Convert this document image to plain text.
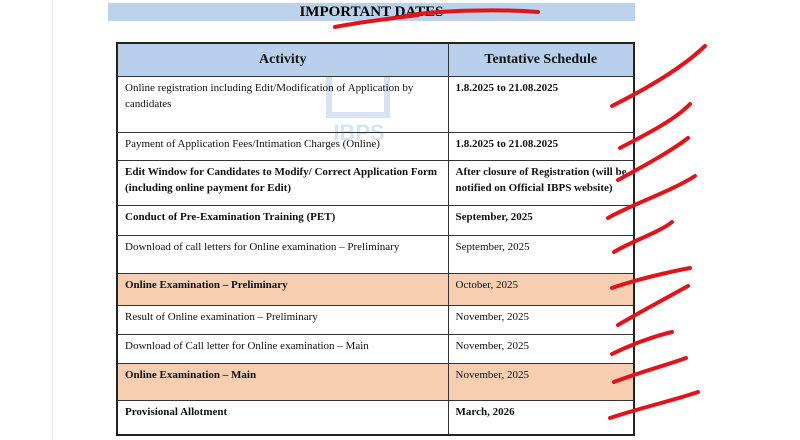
IMPORTANT DATES
IBPS
Activity	Tentative Schedule
Online registration including Edit/Modification of Application by candidates	1.8.2025 to 21.08.2025
Payment of Application Fees/Intimation Charges (Online)	1.8.2025 to 21.08.2025
Edit Window for Candidates to Modify/ Correct Application Form (including online payment for Edit)	After closure of Registration (will be notified on Official IBPS website)
Conduct of Pre-Examination Training (PET)	September, 2025
Download of call letters for Online examination – Preliminary	September, 2025
Online Examination – Preliminary	October, 2025
Result of Online examination – Preliminary	November, 2025
Download of Call letter for Online examination – Main	November, 2025
Online Examination – Main	November, 2025
Provisional Allotment	March, 2026
